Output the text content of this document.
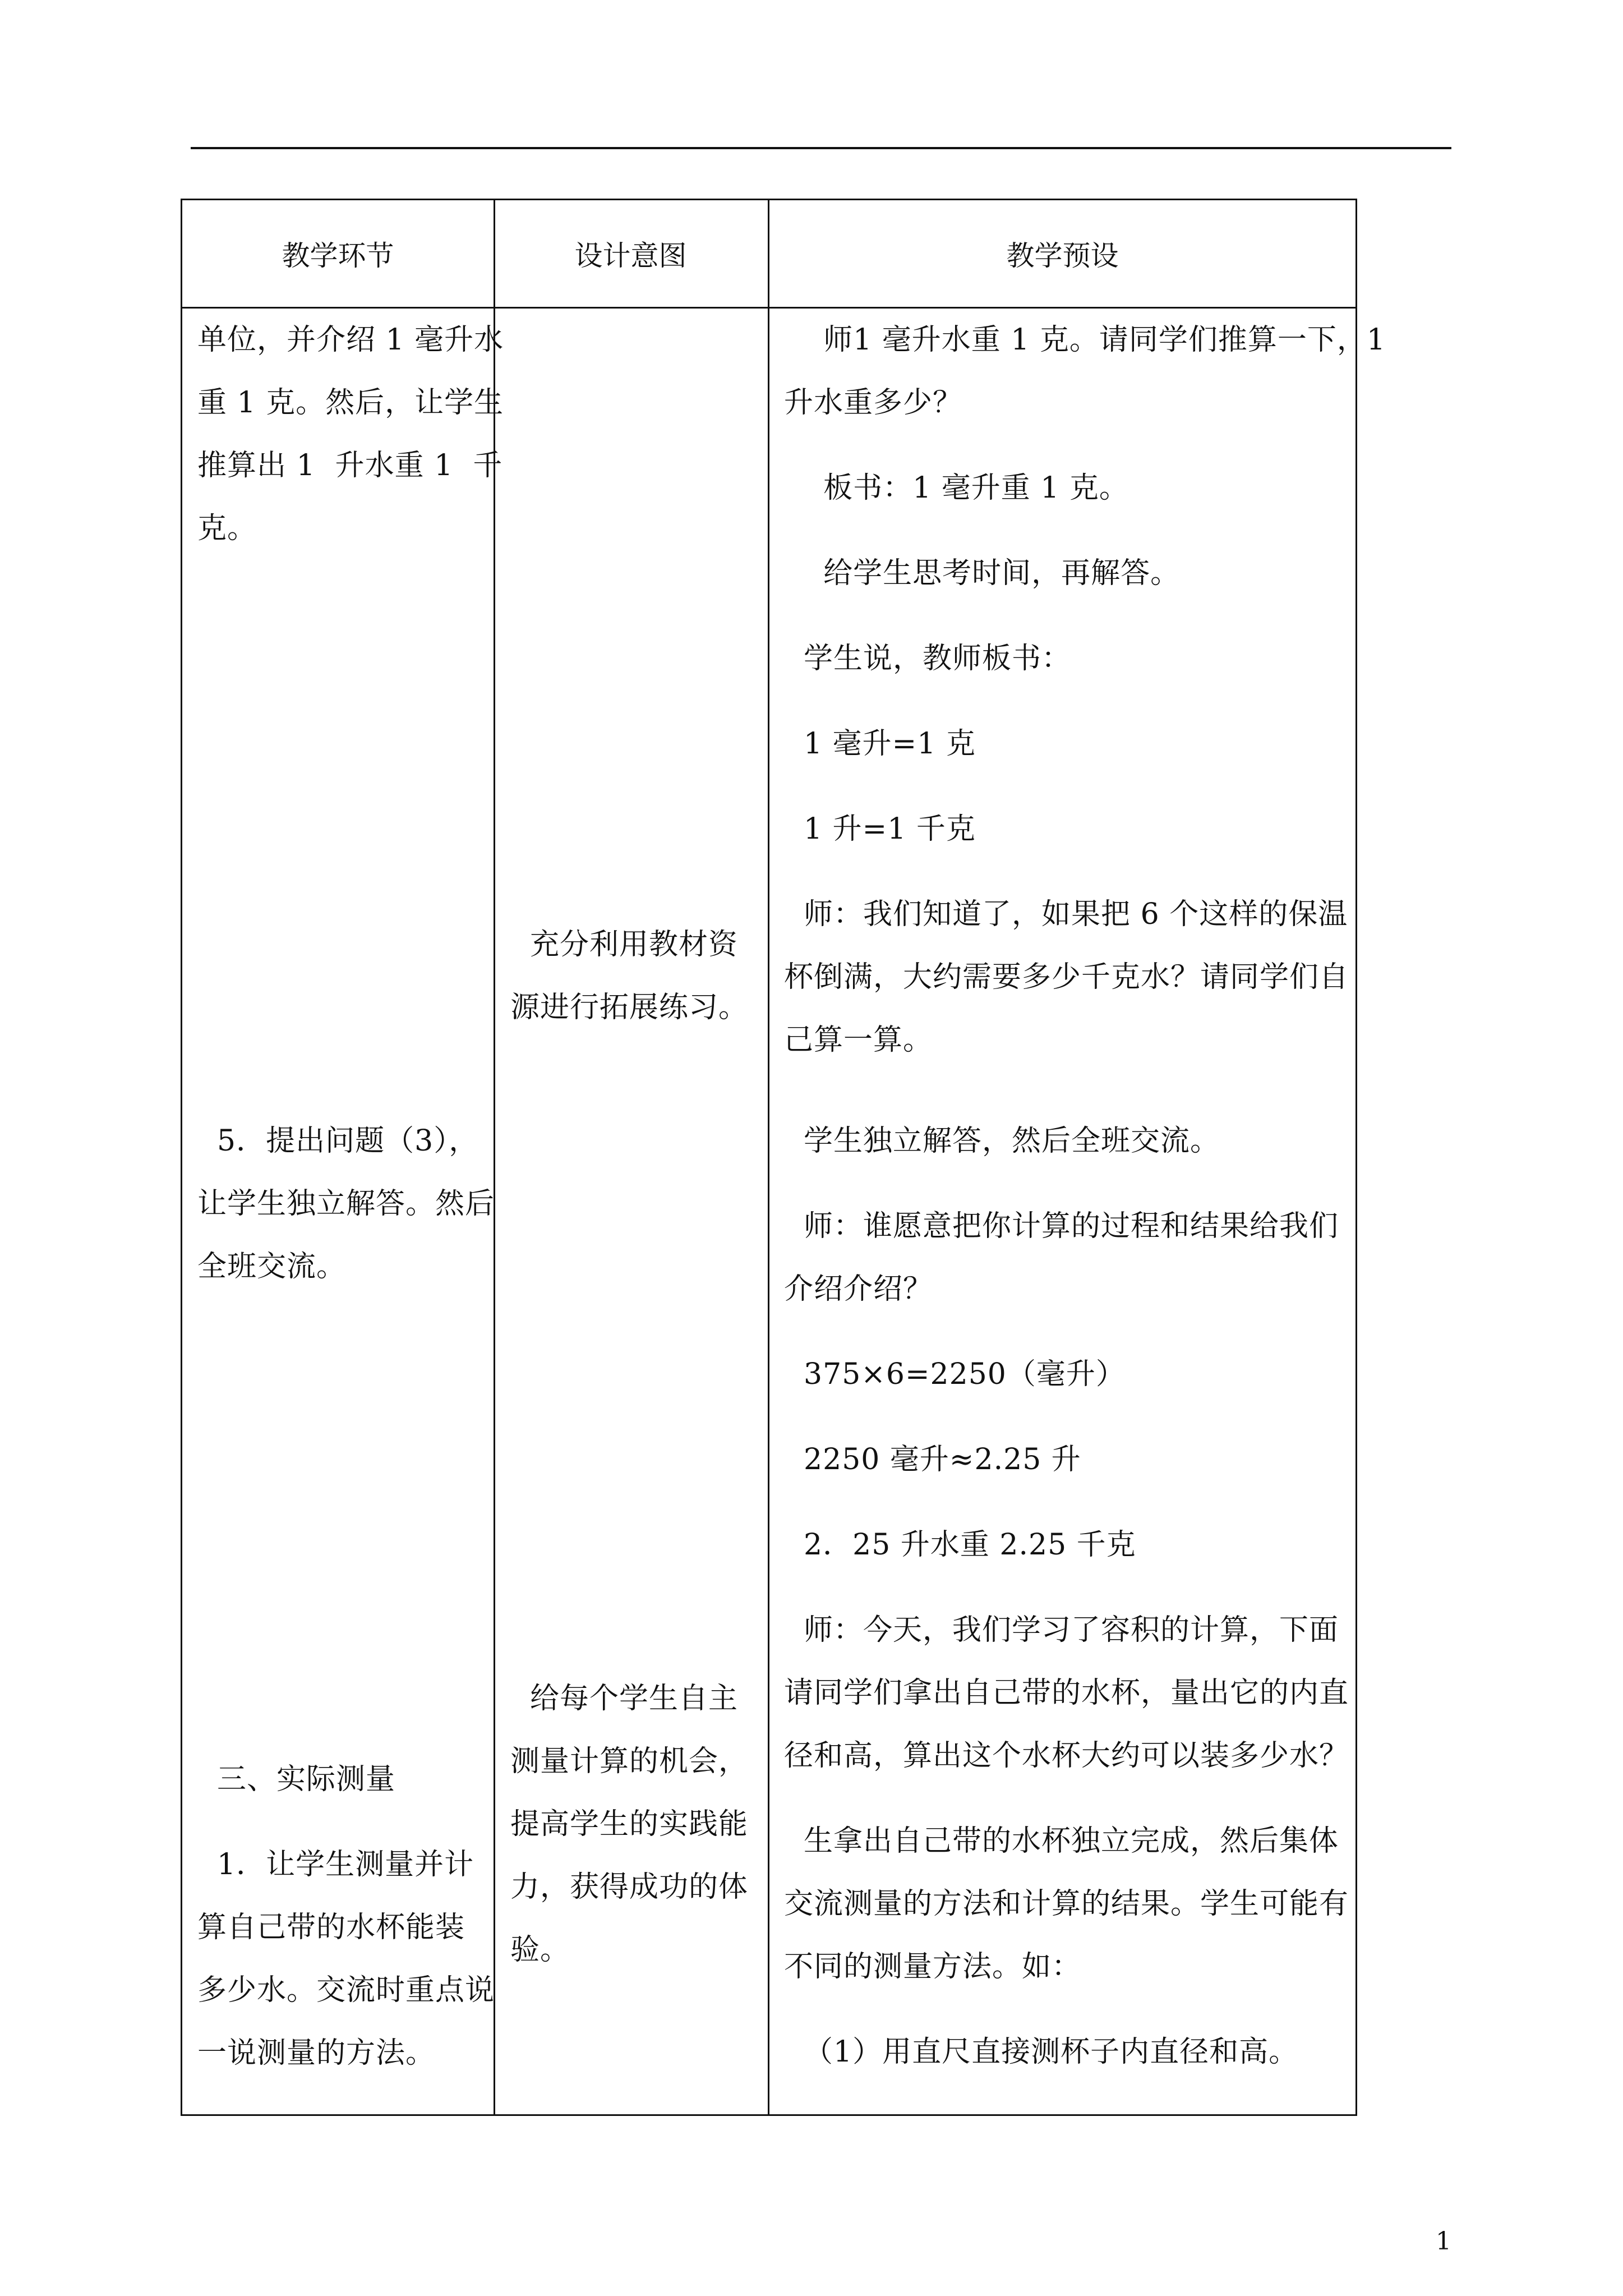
教学环节	设计意图	教学预设
单位，并介绍 1 毫升水
重 1 克。然后，让学生
推算出 1  升水重 1  千
克。
5．提出问题（3），
让学生独立解答。然后
全班交流。
三、实际测量
1．让学生测量并计
算自己带的水杯能装
多少水。交流时重点说
一说测量的方法。
充分利用教材资
源进行拓展练习。
给每个学生自主
测量计算的机会，
提高学生的实践能
力，获得成功的体
验。
师1 毫升水重 1 克。请同学们推算一下，1
升水重多少？
板书：1 毫升重 1 克。
给学生思考时间，再解答。
学生说，教师板书：
1 毫升=1 克
1 升=1 千克
师：我们知道了，如果把 6 个这样的保温
杯倒满，大约需要多少千克水？请同学们自
己算一算。
学生独立解答，然后全班交流。
师：谁愿意把你计算的过程和结果给我们
介绍介绍？
375×6=2250（毫升）
2250 毫升≈2.25 升
2．25 升水重 2.25 千克
师：今天，我们学习了容积的计算，下面
请同学们拿出自己带的水杯，量出它的内直
径和高，算出这个水杯大约可以装多少水？
生拿出自己带的水杯独立完成，然后集体
交流测量的方法和计算的结果。学生可能有
不同的测量方法。如：
（1）用直尺直接测杯子内直径和高。
1
